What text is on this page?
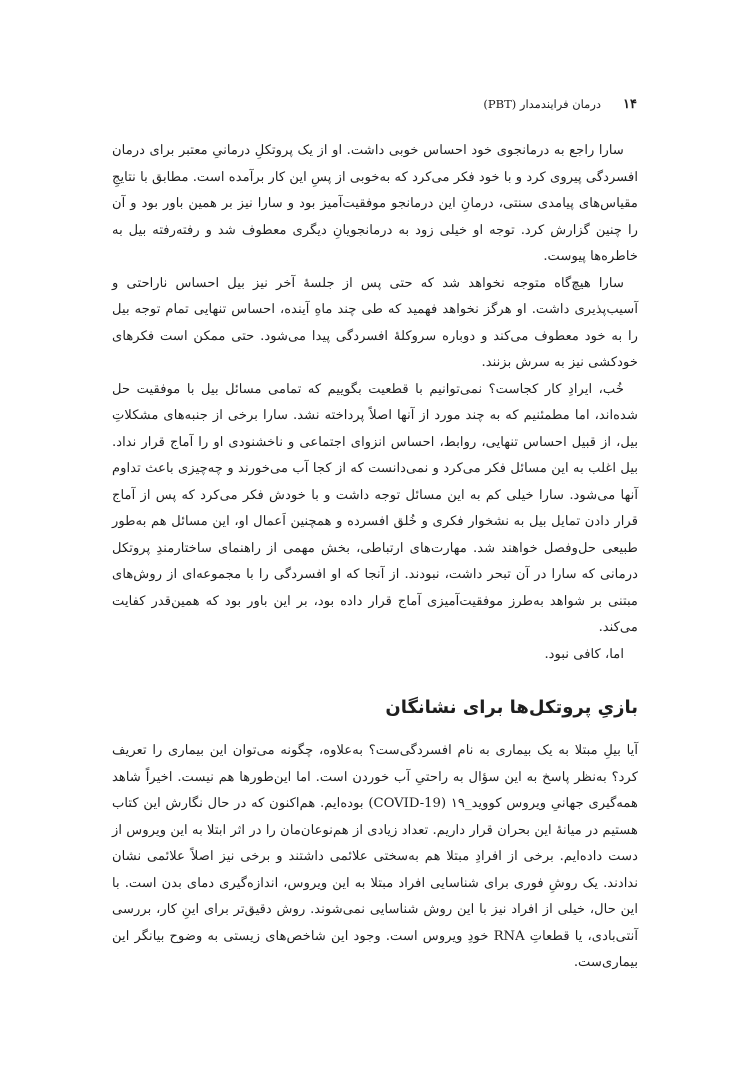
۱۴
درمان فرایندمدار (PBT)

سارا راجع به درمانجوی خود احساس خوبی داشت. او از یک پروتکلِ درمانیِ معتبر برای درمان افسردگی پیروی کرد و با خود فکر می‌کرد که به‌خوبی از پسِ این کار برآمده است. مطابق با نتایجِ مقیاس‌های پیامدی سنتی، درمانِ این درمانجو موفقیت‌آمیز بود و سارا نیز بر همین باور بود و آن را چنین گزارش کرد. توجه او خیلی زود به درمانجویانِ دیگری معطوف شد و رفته‌رفته بیل به خاطره‌ها پیوست.

سارا هیچ‌گاه متوجه نخواهد شد که حتی پس از جلسهٔ آخر نیز بیل احساس ناراحتی و آسیب‌پذیری داشت. او هرگز نخواهد فهمید که طی چند ماهِ آینده، احساس تنهایی تمام توجه بیل را به خود معطوف می‌کند و دوباره سروکلهٔ افسردگی پیدا می‌شود. حتی ممکن است فکرهای خودکشی نیز به سرش بزنند.

خُب، ایرادِ کار کجاست؟ نمی‌توانیم با قطعیت بگوییم که تمامی مسائل بیل با موفقیت حل شده‌اند، اما مطمئنیم که به چند مورد از آنها اصلاً پرداخته نشد. سارا برخی از جنبه‌های مشکلاتِ بیل، از قبیل احساس تنهایی، روابط، احساس انزوای اجتماعی و ناخشنودی او را آماج قرار نداد. بیل اغلب به این مسائل فکر می‌کرد و نمی‌دانست که از کجا آب می‌خورند و چه‌چیزی باعث تداوم آنها می‌شود. سارا خیلی کم به این مسائل توجه داشت و با خودش فکر می‌کرد که پس از آماج قرار دادن تمایل بیل به نشخوار فکری و خُلق افسرده و همچنین اَعمال او، این مسائل هم به‌طور طبیعی حل‌وفصل خواهند شد. مهارت‌های ارتباطی، بخش مهمی از راهنمای ساختارمندِ پروتکل درمانی که سارا در آن تبحر داشت، نبودند. از آنجا که او افسردگی را با مجموعه‌ای از روش‌های مبتنی بر شواهد به‌طرز موفقیت‌آمیزی آماج قرار داده بود، بر این باور بود که همین‌قدر کفایت می‌کند.

اما، کافی نبود.

بازیِ پروتکل‌ها برای نشانگان

آیا بیلِ مبتلا به یک بیماری به نام افسردگی‌ست؟ به‌علاوه، چگونه می‌توان این بیماری را تعریف کرد؟ به‌نظر پاسخ به این سؤال به راحتیِ آب خوردن است. اما این‌طورها هم نیست. اخیراً شاهد همه‌گیری جهانیِ ویروس کووید_۱۹ (COVID-19) بوده‌ایم. هم‌اکنون که در حال نگارش این کتاب هستیم در میانهٔ این بحران قرار داریم. تعداد زیادی از هم‌نوعان‌مان را در اثر ابتلا به این ویروس از دست داده‌ایم. برخی از افرادِ مبتلا هم به‌سختی علائمی داشتند و برخی نیز اصلاً علائمی نشان ندادند. یک روشِ فوری برای شناسایی افراد مبتلا به این ویروس، اندازه‌گیری دمای بدن است. با این حال، خیلی از افراد نیز با این روش شناسایی نمی‌شوند. روش دقیق‌تر برای اینِ کار، بررسی آنتی‌بادی، یا قطعاتِ RNA خودِ ویروس است. وجود این شاخص‌های زیستی به وضوح بیانگر این بیماری‌ست.
